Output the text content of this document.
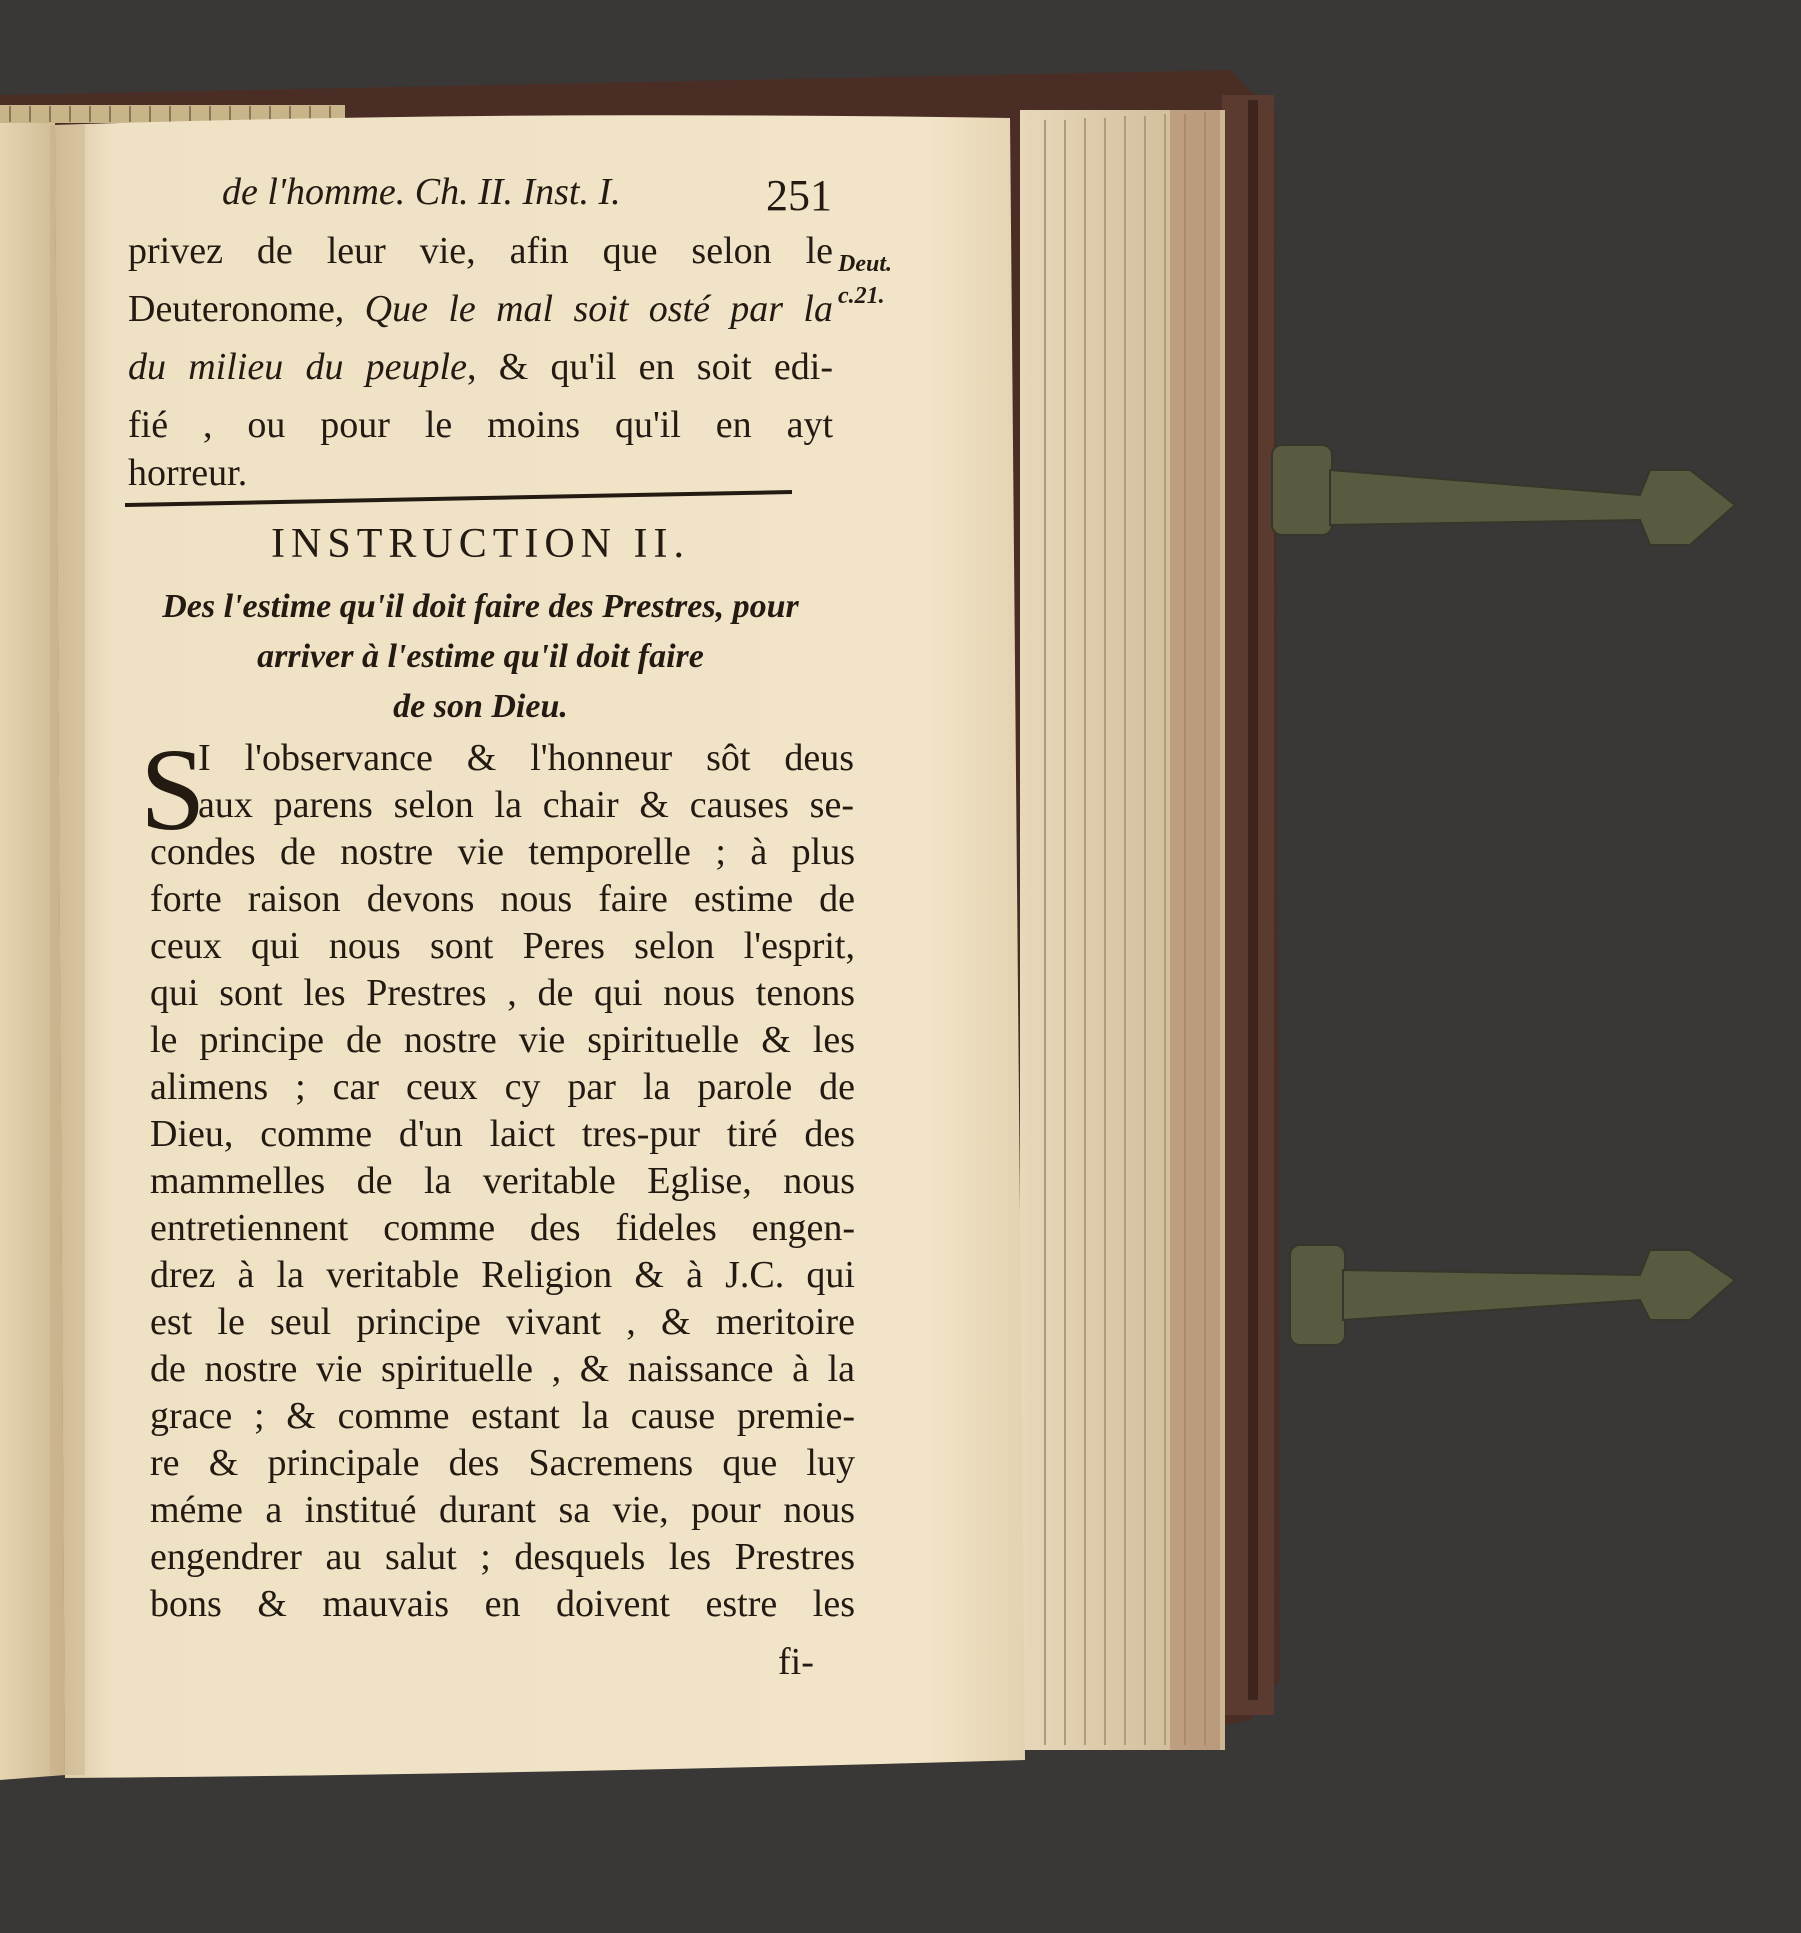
de l'homme. Ch. II. Inst. I.	251
Deut.
c.21.
privez de leur vie, afin que selon le
Deuteronome, Que le mal soit osté par la
du milieu du peuple, & qu'il en soit edi-
fié , ou pour le moins qu'il en ayt
horreur.
INSTRUCTION II.
Des l'estime qu'il doit faire des Prestres, pour
arriver à l'estime qu'il doit faire
de son Dieu.
S
I l'observance & l'honneur sôt deus
aux parens selon la chair & causes se-
condes de nostre vie temporelle ; à plus
forte raison devons nous faire estime de
ceux qui nous sont Peres selon l'esprit,
qui sont les Prestres , de qui nous tenons
le principe de nostre vie spirituelle & les
alimens ; car ceux cy par la parole de
Dieu, comme d'un laict tres-pur tiré des
mammelles de la veritable Eglise, nous
entretiennent comme des fideles engen-
drez à la veritable Religion & à J.C. qui
est le seul principe vivant , & meritoire
de nostre vie spirituelle , & naissance à la
grace ; & comme estant la cause premie-
re & principale des Sacremens que luy
méme a institué durant sa vie, pour nous
engendrer au salut ; desquels les Prestres
bons & mauvais en doivent estre les
fi-
